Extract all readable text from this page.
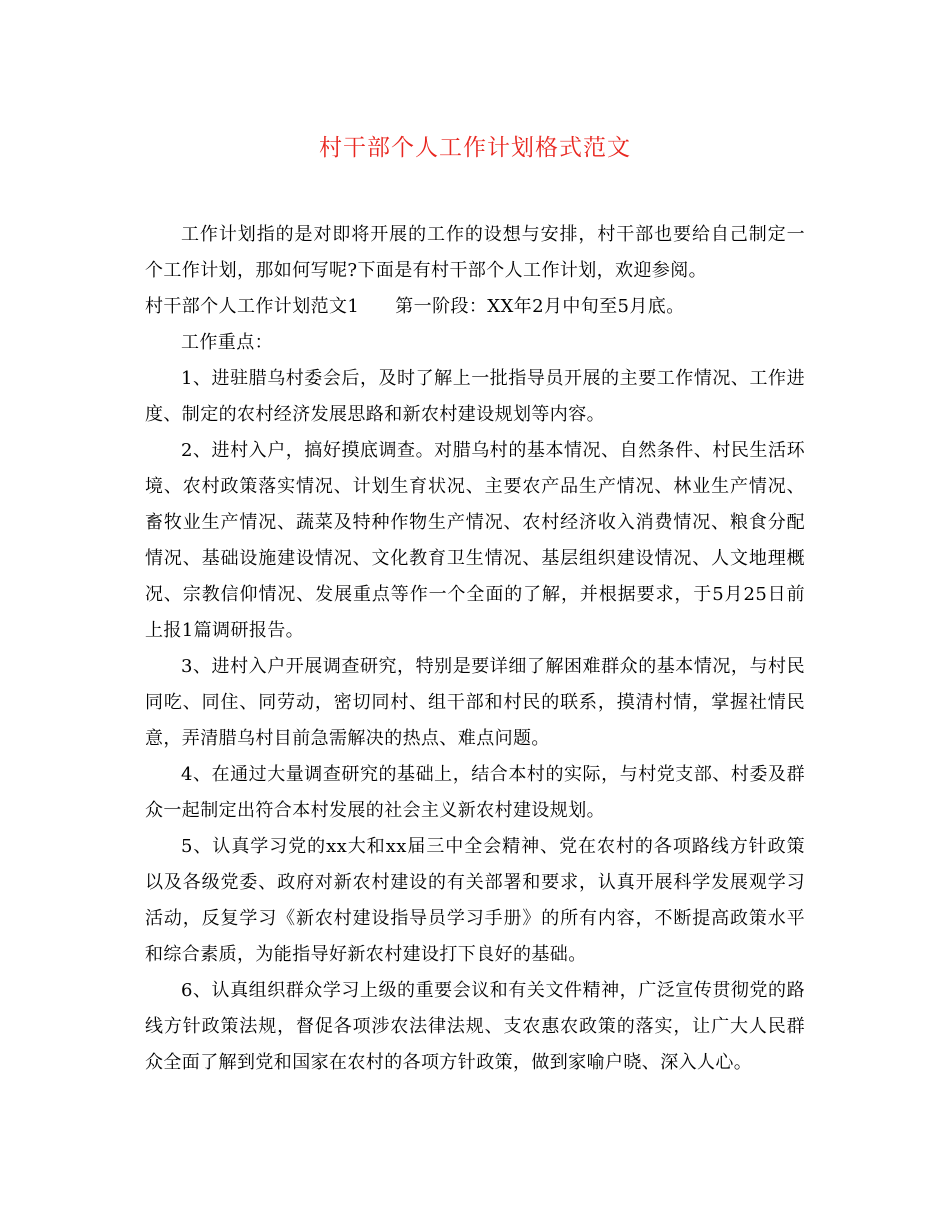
村干部个人工作计划格式范文

工作计划指的是对即将开展的工作的设想与安排，村干部也要给自己制定一个工作计划，那如何写呢?下面是有村干部个人工作计划，欢迎参阅。

村干部个人工作计划范文1 第一阶段：XX年2月中旬至5月底。

工作重点：

1、进驻腊乌村委会后，及时了解上一批指导员开展的主要工作情况、工作进度、制定的农村经济发展思路和新农村建设规划等内容。

2、进村入户，搞好摸底调查。对腊乌村的基本情况、自然条件、村民生活环境、农村政策落实情况、计划生育状况、主要农产品生产情况、林业生产情况、畜牧业生产情况、蔬菜及特种作物生产情况、农村经济收入消费情况、粮食分配情况、基础设施建设情况、文化教育卫生情况、基层组织建设情况、人文地理概况、宗教信仰情况、发展重点等作一个全面的了解，并根据要求，于5月25日前上报1篇调研报告。

3、进村入户开展调查研究，特别是要详细了解困难群众的基本情况，与村民同吃、同住、同劳动，密切同村、组干部和村民的联系，摸清村情，掌握社情民意，弄清腊乌村目前急需解决的热点、难点问题。

4、在通过大量调查研究的基础上，结合本村的实际，与村党支部、村委及群众一起制定出符合本村发展的社会主义新农村建设规划。

5、认真学习党的xx大和xx届三中全会精神、党在农村的各项路线方针政策以及各级党委、政府对新农村建设的有关部署和要求，认真开展科学发展观学习活动，反复学习《新农村建设指导员学习手册》的所有内容，不断提高政策水平和综合素质，为能指导好新农村建设打下良好的基础。

6、认真组织群众学习上级的重要会议和有关文件精神，广泛宣传贯彻党的路线方针政策法规，督促各项涉农法律法规、支农惠农政策的落实，让广大人民群众全面了解到党和国家在农村的各项方针政策，做到家喻户晓、深入人心。
